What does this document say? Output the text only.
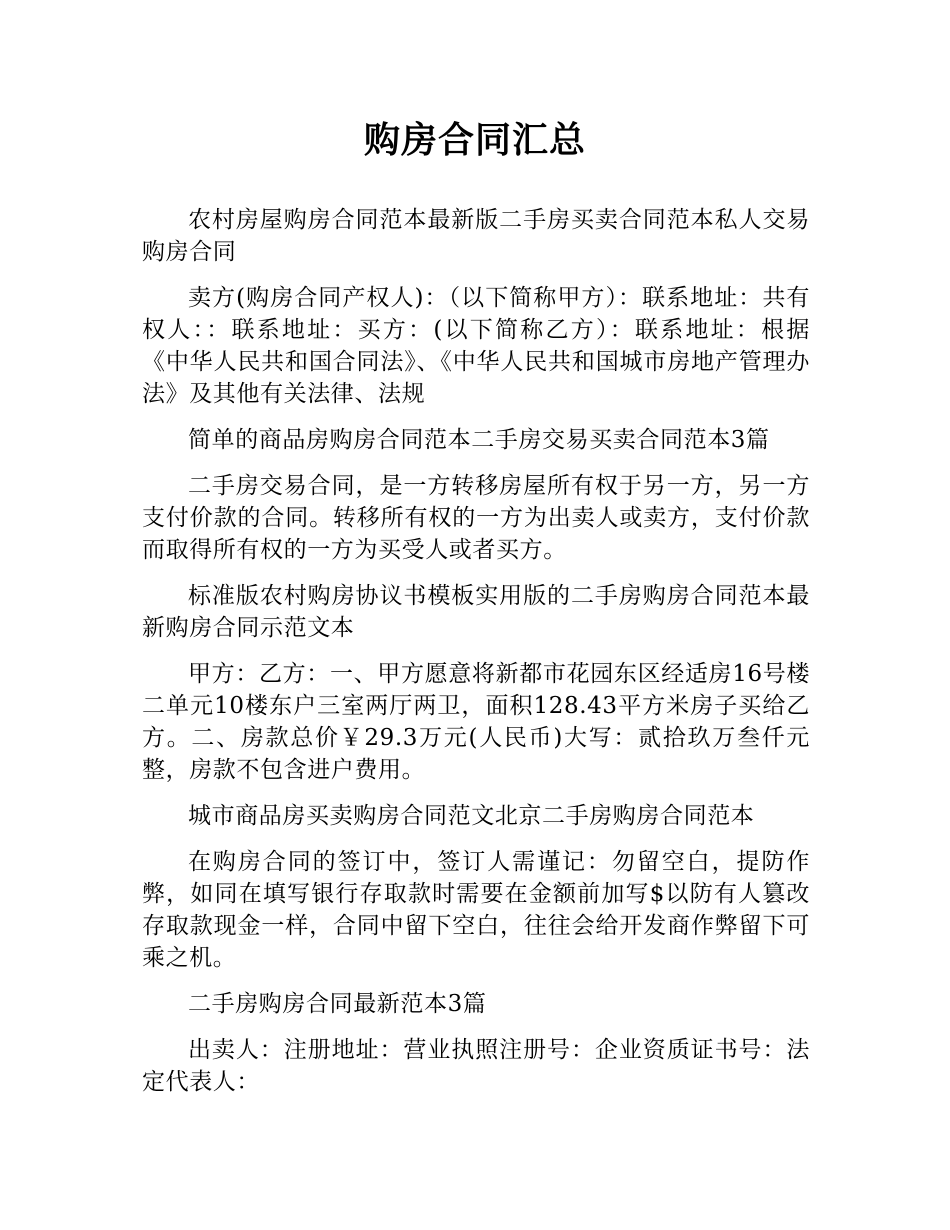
购房合同汇总

农村房屋购房合同范本最新版二手房买卖合同范本私人交易购房合同

卖方(购房合同产权人)：（以下简称甲方）：联系地址：共有权人：：联系地址：买方：(以下简称乙方）：联系地址：根据《中华人民共和国合同法》、《中华人民共和国城市房地产管理办法》及其他有关法律、法规

简单的商品房购房合同范本二手房交易买卖合同范本3篇

二手房交易合同，是一方转移房屋所有权于另一方，另一方支付价款的合同。转移所有权的一方为出卖人或卖方，支付价款而取得所有权的一方为买受人或者买方。

标准版农村购房协议书模板实用版的二手房购房合同范本最新购房合同示范文本

甲方：乙方：一、甲方愿意将新都市花园东区经适房16号楼二单元10楼东户三室两厅两卫，面积128.43平方米房子买给乙方。二、房款总价￥29.3万元(人民币)大写：贰拾玖万叁仟元整，房款不包含进户费用。

城市商品房买卖购房合同范文北京二手房购房合同范本

在购房合同的签订中，签订人需谨记：勿留空白，提防作弊，如同在填写银行存取款时需要在金额前加写$以防有人篡改存取款现金一样，合同中留下空白，往往会给开发商作弊留下可乘之机。

二手房购房合同最新范本3篇

出卖人：注册地址：营业执照注册号：企业资质证书号：法定代表人：
